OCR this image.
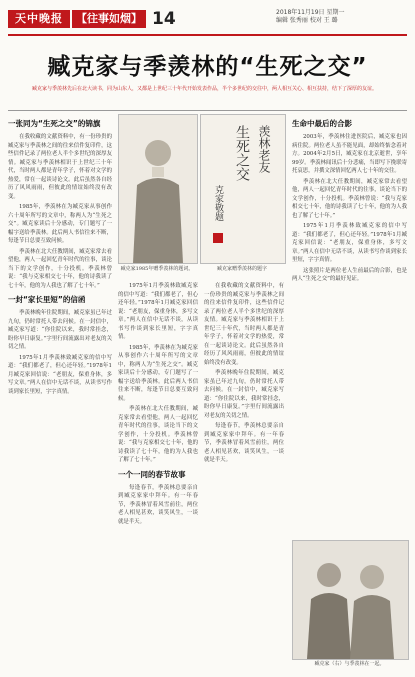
天中晚报	【往事如烟】 14	2018年11月19日 星期一
编辑 张秀丽 校对 王 璐
臧克家与季羡林的“生死之交”
臧克家与季羡林先后在北大读书，同为山东人，又都是上世纪三十年代开始发表作品，半个多世纪的交往中，两人相互关心、相互扶持，结下了深厚的友谊。
一张同为“生死之交”的锦旗

在我收藏的文献资料中，有一份珍贵的臧克家与季羡林之间的往来信件复印件，这些信件记录了两位老人半个多世纪的深厚友情。臧克家与季羡林相识于上世纪三十年代，当时两人都是青年学子，怀着对文学的热爱，常在一起谈诗论文。此后虽然各自经历了风风雨雨，但彼此的情谊始终没有改变。

1985年，季羡林在为臧克家从事创作六十周年所写的文章中，称两人为“生死之交”。臧克家读后十分感动，专门题写了一幅字送给季羡林。此后两人书信往来不断，每逢节日总要互致问候。

季羡林在北大任教期间，臧克家常去看望他，两人一起回忆青年时代的往事，谈论当下的文学创作，十分投机。季羡林曾说：“我与克家相交七十年，他的诗我读了七十年，他的为人我也了解了七十年。”

一封“家长里短”的信函

季羡林晚年住院期间，臧克家虽已年过九旬，仍时常托人带去问候。在一封信中，臧克家写道：“你住院以来，我时常挂念，盼你早日康复。”字里行间流露出对老友的关切之情。

1975年1月季羡林致臧克家的信中写道：“我们都老了，但心还年轻。”1978年1月臧克家回信说：“老朋友，保重身体，多写文章。”两人在信中无话不谈，从读书写作谈到家长里短，字字真情。

羡林老友
生死之交
克家敬题
臧克家1985年赠季羡林的题词。	臧克家赠季羡林的题字

1975年1月季羡林致臧克家的信中写道：“我们都老了，但心还年轻。”1978年1月臧克家回信说：“老朋友，保重身体，多写文章。”两人在信中无话不谈，从读书写作谈到家长里短，字字真情。

1985年，季羡林在为臧克家从事创作六十周年所写的文章中，称两人为“生死之交”。臧克家读后十分感动，专门题写了一幅字送给季羡林。此后两人书信往来不断，每逢节日总要互致问候。

季羡林在北大任教期间，臧克家常去看望他，两人一起回忆青年时代的往事，谈论当下的文学创作，十分投机。季羡林曾说：“我与克家相交七十年，他的诗我读了七十年，他的为人我也了解了七十年。”

一个一同的春节故事

每逢春节，季羡林总要亲自到臧克家家中拜年。有一年春节，季羡林冒着风雪前往，两位老人相见甚欢，谈笑风生，一谈就是半天。

在我收藏的文献资料中，有一份珍贵的臧克家与季羡林之间的往来信件复印件，这些信件记录了两位老人半个多世纪的深厚友情。臧克家与季羡林相识于上世纪三十年代，当时两人都是青年学子，怀着对文学的热爱，常在一起谈诗论文。此后虽然各自经历了风风雨雨，但彼此的情谊始终没有改变。

季羡林晚年住院期间，臧克家虽已年过九旬，仍时常托人带去问候。在一封信中，臧克家写道：“你住院以来，我时常挂念，盼你早日康复。”字里行间流露出对老友的关切之情。

每逢春节，季羡林总要亲自到臧克家家中拜年。有一年春节，季羡林冒着风雪前往，两位老人相见甚欢，谈笑风生，一谈就是半天。

生命中最后的合影

2003年，季羡林住进医院后，臧克家也因病住院。两位老人虽不能见面，却始终惦念着对方。2004年2月5日，臧克家在北京逝世，享年99岁。季羡林闻讯后十分悲痛，当即写下挽联寄托哀思，并撰文深情回忆两人七十年的交往。

季羡林在北大任教期间，臧克家常去看望他，两人一起回忆青年时代的往事，谈论当下的文学创作，十分投机。季羡林曾说：“我与克家相交七十年，他的诗我读了七十年，他的为人我也了解了七十年。”

1975年1月季羡林致臧克家的信中写道：“我们都老了，但心还年轻。”1978年1月臧克家回信说：“老朋友，保重身体，多写文章。”两人在信中无话不谈，从读书写作谈到家长里短，字字真情。

这张照片是两位老人生前最后的合影，也是两人“生死之交”的最好见证。

臧克家（右）与季羡林在一起。
